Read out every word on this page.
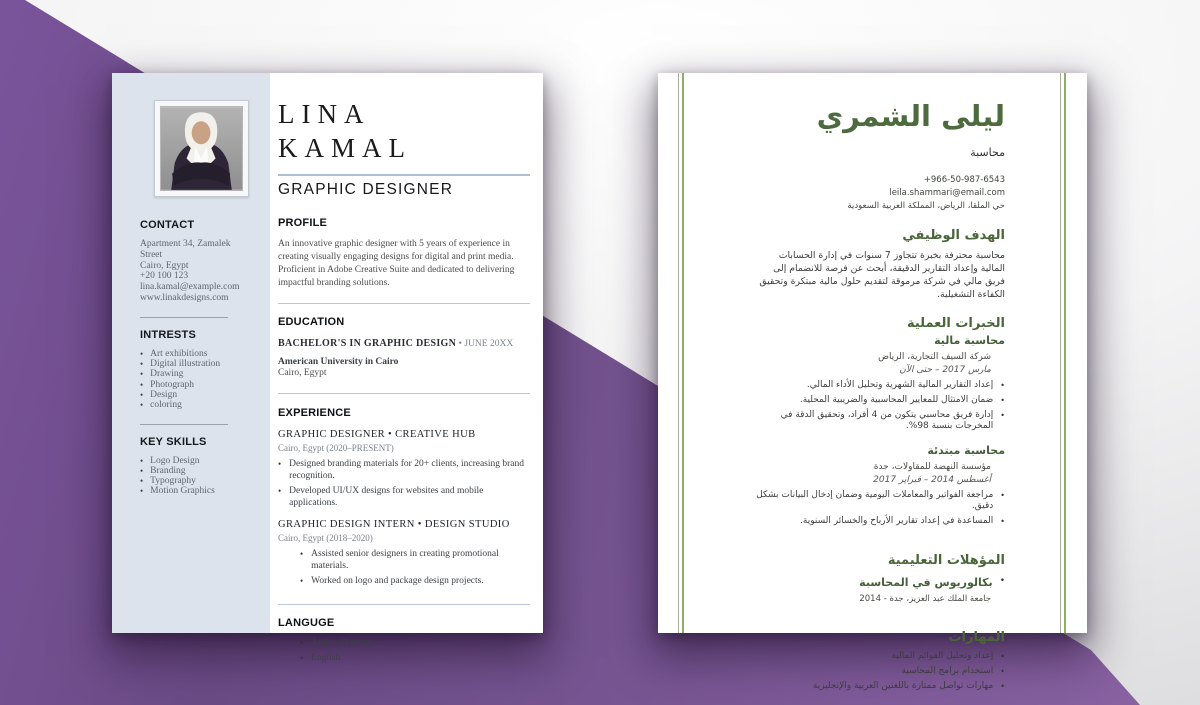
CONTACT
Apartment 34, Zamalek
Street
Cairo, Egypt
+20 100 123
lina.kamal@example.com
www.linakdesigns.com
INTRESTS
• Art exhibitions
• Digital illustration
• Drawing
• Photograph
• Design
• coloring
KEY SKILLS
• Logo Design
• Branding
• Typography
• Motion Graphics
LINA
KAMAL
GRAPHIC DESIGNER
PROFILE

An innovative graphic designer with 5 years of experience in creating visually engaging designs for digital and print media. Proficient in Adobe Creative Suite and dedicated to delivering impactful branding solutions.

EDUCATION

BACHELOR'S IN GRAPHIC DESIGN • JUNE 20XX

American University in Cairo
Cairo, Egypt
EXPERIENCE

GRAPHIC DESIGNER • CREATIVE HUB

Cairo, Egypt (2020–PRESENT)
• Designed branding materials for 20+ clients, increasing brand recognition.
• Developed UI/UX designs for websites and mobile applications.

GRAPHIC DESIGN INTERN • DESIGN STUDIO

Cairo, Egypt (2018–2020)
• Assisted senior designers in creating promotional materials.
• Worked on logo and package design projects.
LANGUGE
• Arabic (Native)
• English
ليلى الشمري
محاسبة
+966-50-987-6543
leila.shammari@email.com
حي الملقا، الرياض، المملكة العربية السعودية
الهدف الوظيفي

محاسبة محترفة بخبرة تتجاوز 7 سنوات في إدارة الحسابات المالية وإعداد التقارير الدقيقة، أبحث عن فرصة للانضمام إلى فريق مالي في شركة مرموقة لتقديم حلول مالية مبتكرة وتحقيق الكفاءة التشغيلية.

الخبرات العملية
محاسبة مالية
شركة السيف التجارية، الرياض
مارس 2017 – حتى الآن
•
إعداد التقارير المالية الشهرية وتحليل الأداء المالي.
•
ضمان الامتثال للمعايير المحاسبية والضريبية المحلية.
•
إدارة فريق محاسبي يتكون من 4 أفراد، وتحقيق الدقة في المخرجات بنسبة 98%.
محاسبة مبتدئة
مؤسسة النهضة للمقاولات، جدة
أغسطس 2014 – فبراير 2017
•
مراجعة الفواتير والمعاملات اليومية وضمان إدخال البيانات بشكل دقيق.
•
المساعدة في إعداد تقارير الأرباح والخسائر السنوية.
المؤهلات التعليمية
•
بكالوريوس في المحاسبة
جامعة الملك عبد العزيز، جدة - 2014
المهارات
•
إعداد وتحليل القوائم المالية
•
استخدام برامج المحاسبة
•
مهارات تواصل ممتازة باللغتين العربية والإنجليزية
